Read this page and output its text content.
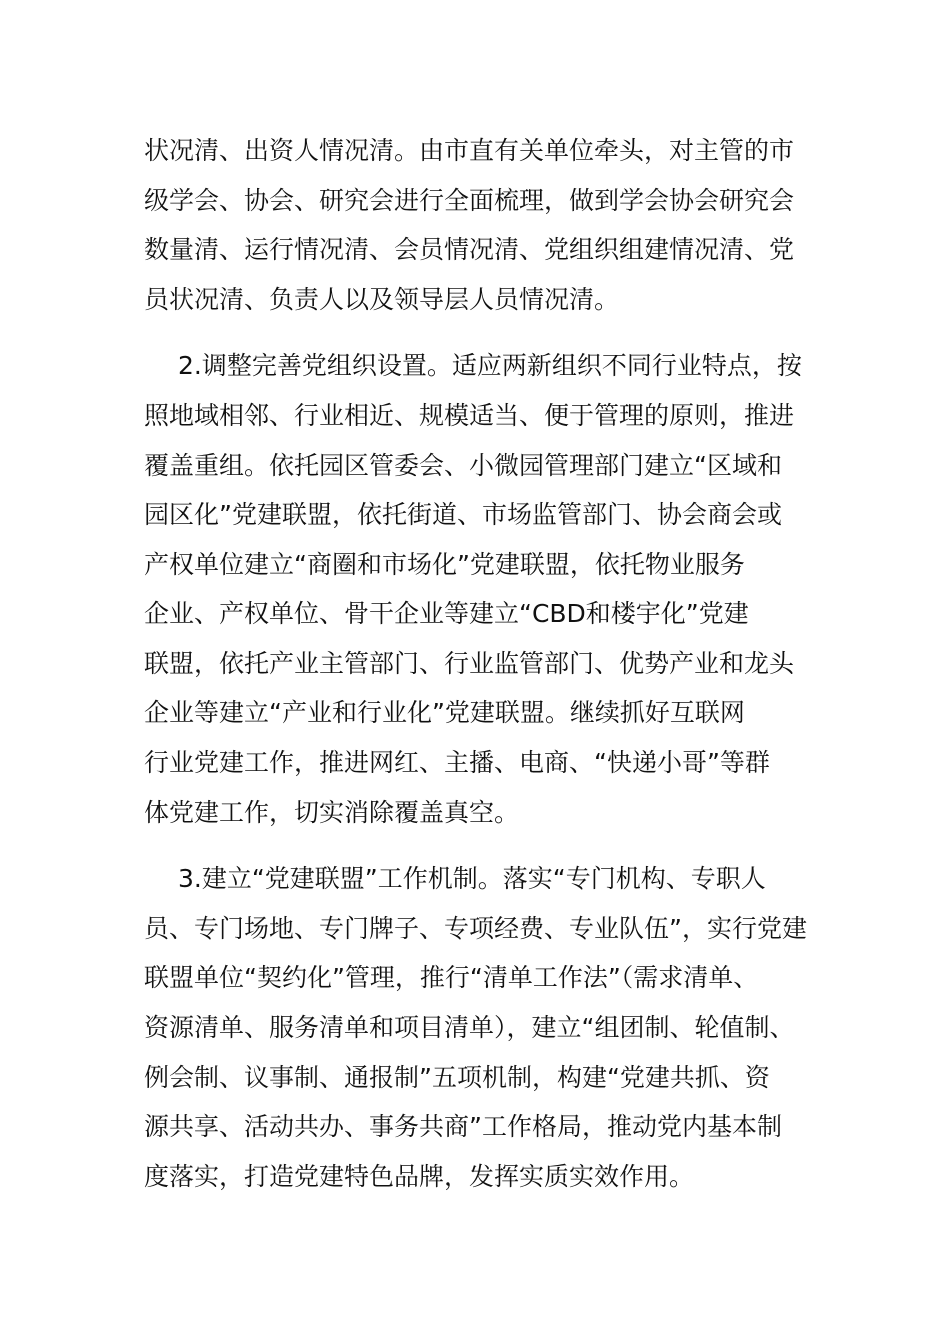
状况清、出资人情况清。由市直有关单位牵头，对主管的市
级学会、协会、研究会进行全面梳理，做到学会协会研究会
数量清、运行情况清、会员情况清、党组织组建情况清、党
员状况清、负责人以及领导层人员情况清。
2.调整完善党组织设置。适应两新组织不同行业特点，按
照地域相邻、行业相近、规模适当、便于管理的原则，推进
覆盖重组。依托园区管委会、小微园管理部门建立“区域和
园区化”党建联盟，依托街道、市场监管部门、协会商会或
产权单位建立“商圈和市场化”党建联盟，依托物业服务
企业、产权单位、骨干企业等建立“CBD和楼宇化”党建
联盟，依托产业主管部门、行业监管部门、优势产业和龙头
企业等建立“产业和行业化”党建联盟。继续抓好互联网
行业党建工作，推进网红、主播、电商、“快递小哥”等群
体党建工作，切实消除覆盖真空。
3.建立“党建联盟”工作机制。落实“专门机构、专职人
员、专门场地、专门牌子、专项经费、专业队伍”，实行党建
联盟单位“契约化”管理，推行“清单工作法”（需求清单、
资源清单、服务清单和项目清单），建立“组团制、轮值制、
例会制、议事制、通报制”五项机制，构建“党建共抓、资
源共享、活动共办、事务共商”工作格局，推动党内基本制
度落实，打造党建特色品牌，发挥实质实效作用。
